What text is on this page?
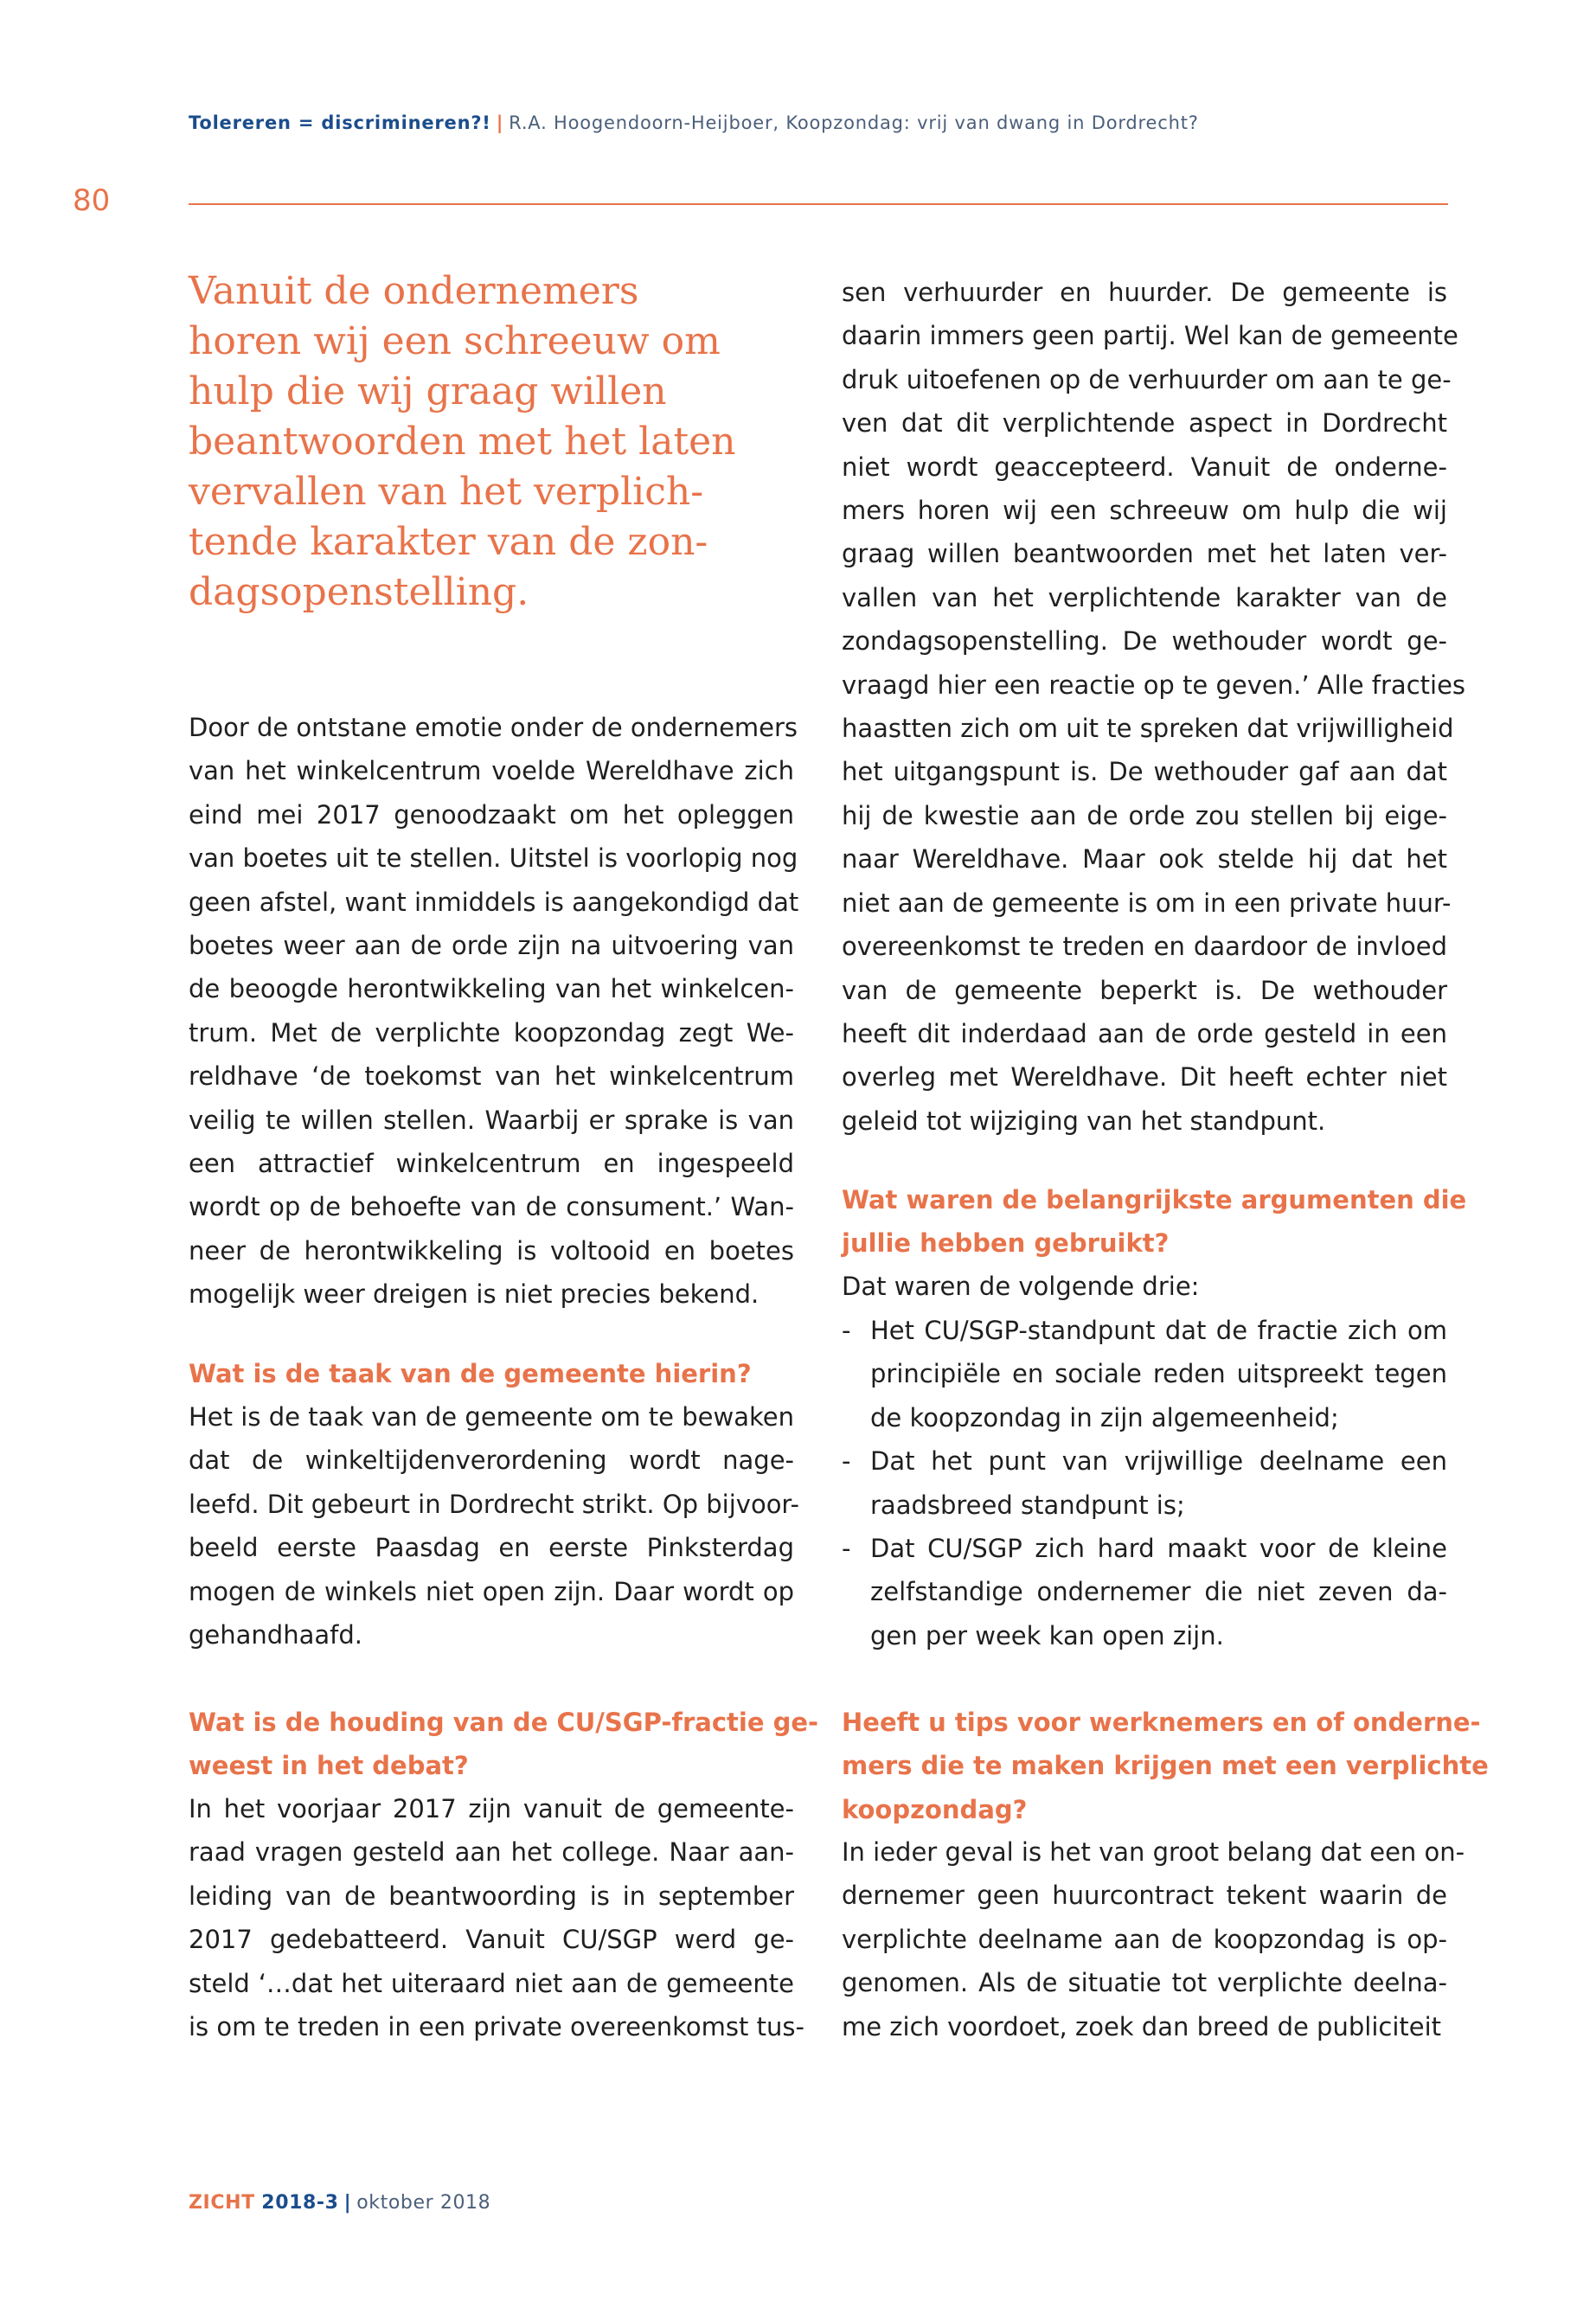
Tolereren = discrimineren?! | R.A. Hoogendoorn-Heijboer, Koopzondag: vrij van dwang in Dordrecht?
80
Vanuit de ondernemers
horen wij een schreeuw om
hulp die wij graag willen
beantwoorden met het laten
vervallen van het verplich-
tende karakter van de zon-
dagsopenstelling.
Door de ontstane emotie onder de ondernemers
van het winkelcentrum voelde Wereldhave zich
eind mei 2017 genoodzaakt om het opleggen
van boetes uit te stellen. Uitstel is voorlopig nog
geen afstel, want inmiddels is aangekondigd dat
boetes weer aan de orde zijn na uitvoering van
de beoogde herontwikkeling van het winkelcen-
trum. Met de verplichte koopzondag zegt We-
reldhave ‘de toekomst van het winkelcentrum
veilig te willen stellen. Waarbij er sprake is van
een attractief winkelcentrum en ingespeeld
wordt op de behoefte van de consument.’ Wan-
neer de herontwikkeling is voltooid en boetes
mogelijk weer dreigen is niet precies bekend.
Wat is de taak van de gemeente hierin?
Het is de taak van de gemeente om te bewaken
dat de winkeltijdenverordening wordt nage-
leefd. Dit gebeurt in Dordrecht strikt. Op bijvoor-
beeld eerste Paasdag en eerste Pinksterdag
mogen de winkels niet open zijn. Daar wordt op
gehandhaafd.
Wat is de houding van de CU/SGP-fractie ge-
weest in het debat?
In het voorjaar 2017 zijn vanuit de gemeente-
raad vragen gesteld aan het college. Naar aan-
leiding van de beantwoording is in september
2017 gedebatteerd. Vanuit CU/SGP werd ge-
steld ‘…dat het uiteraard niet aan de gemeente
is om te treden in een private overeenkomst tus-
sen verhuurder en huurder. De gemeente is
daarin immers geen partij. Wel kan de gemeente
druk uitoefenen op de verhuurder om aan te ge-
ven dat dit verplichtende aspect in Dordrecht
niet wordt geaccepteerd. Vanuit de onderne-
mers horen wij een schreeuw om hulp die wij
graag willen beantwoorden met het laten ver-
vallen van het verplichtende karakter van de
zondagsopenstelling. De wethouder wordt ge-
vraagd hier een reactie op te geven.’ Alle fracties
haastten zich om uit te spreken dat vrijwilligheid
het uitgangspunt is. De wethouder gaf aan dat
hij de kwestie aan de orde zou stellen bij eige-
naar Wereldhave. Maar ook stelde hij dat het
niet aan de gemeente is om in een private huur-
overeenkomst te treden en daardoor de invloed
van de gemeente beperkt is. De wethouder
heeft dit inderdaad aan de orde gesteld in een
overleg met Wereldhave. Dit heeft echter niet
geleid tot wijziging van het standpunt.
Wat waren de belangrijkste argumenten die
jullie hebben gebruikt?
Dat waren de volgende drie:
- Het CU/SGP-standpunt dat de fractie zich om
principiële en sociale reden uitspreekt tegen
de koopzondag in zijn algemeenheid;
- Dat het punt van vrijwillige deelname een
raadsbreed standpunt is;
- Dat CU/SGP zich hard maakt voor de kleine
zelfstandige ondernemer die niet zeven da-
gen per week kan open zijn.
Heeft u tips voor werknemers en of onderne-
mers die te maken krijgen met een verplichte
koopzondag?
In ieder geval is het van groot belang dat een on-
dernemer geen huurcontract tekent waarin de
verplichte deelname aan de koopzondag is op-
genomen. Als de situatie tot verplichte deelna-
me zich voordoet, zoek dan breed de publiciteit
ZICHT 2018-3 | oktober 2018
